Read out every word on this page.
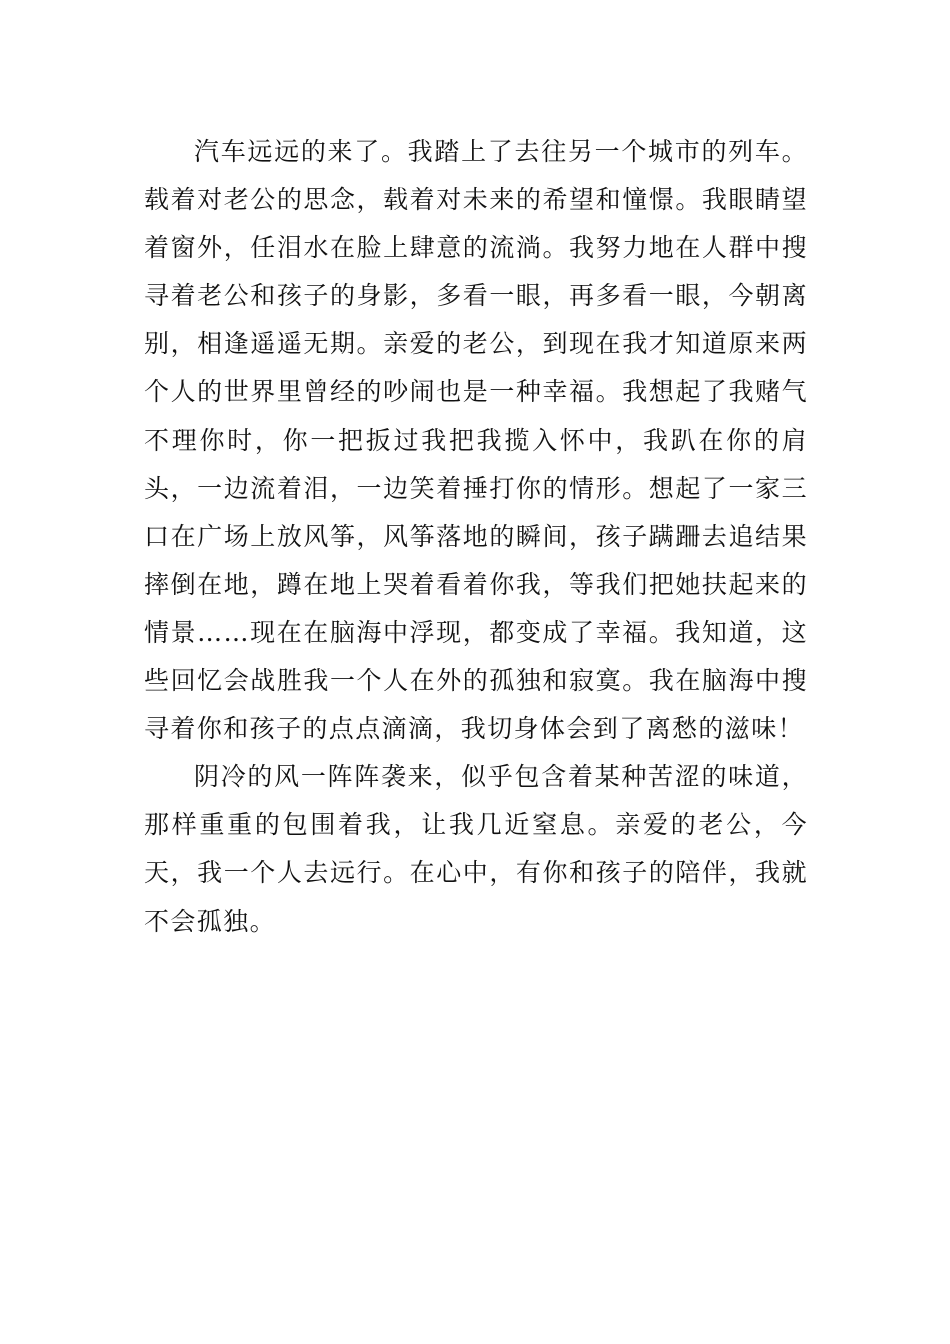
汽车远远的来了。我踏上了去往另一个城市的列车。载着对老公的思念，载着对未来的希望和憧憬。我眼睛望着窗外，任泪水在脸上肆意的流淌。我努力地在人群中搜寻着老公和孩子的身影，多看一眼，再多看一眼，今朝离别，相逢遥遥无期。亲爱的老公，到现在我才知道原来两个人的世界里曾经的吵闹也是一种幸福。我想起了我赌气不理你时，你一把扳过我把我揽入怀中，我趴在你的肩头，一边流着泪，一边笑着捶打你的情形。想起了一家三口在广场上放风筝，风筝落地的瞬间，孩子蹒跚去追结果摔倒在地，蹲在地上哭着看着你我，等我们把她扶起来的情景……现在在脑海中浮现，都变成了幸福。我知道，这些回忆会战胜我一个人在外的孤独和寂寞。我在脑海中搜寻着你和孩子的点点滴滴，我切身体会到了离愁的滋味！

阴冷的风一阵阵袭来，似乎包含着某种苦涩的味道，那样重重的包围着我，让我几近窒息。亲爱的老公，今天，我一个人去远行。在心中，有你和孩子的陪伴，我就不会孤独。
